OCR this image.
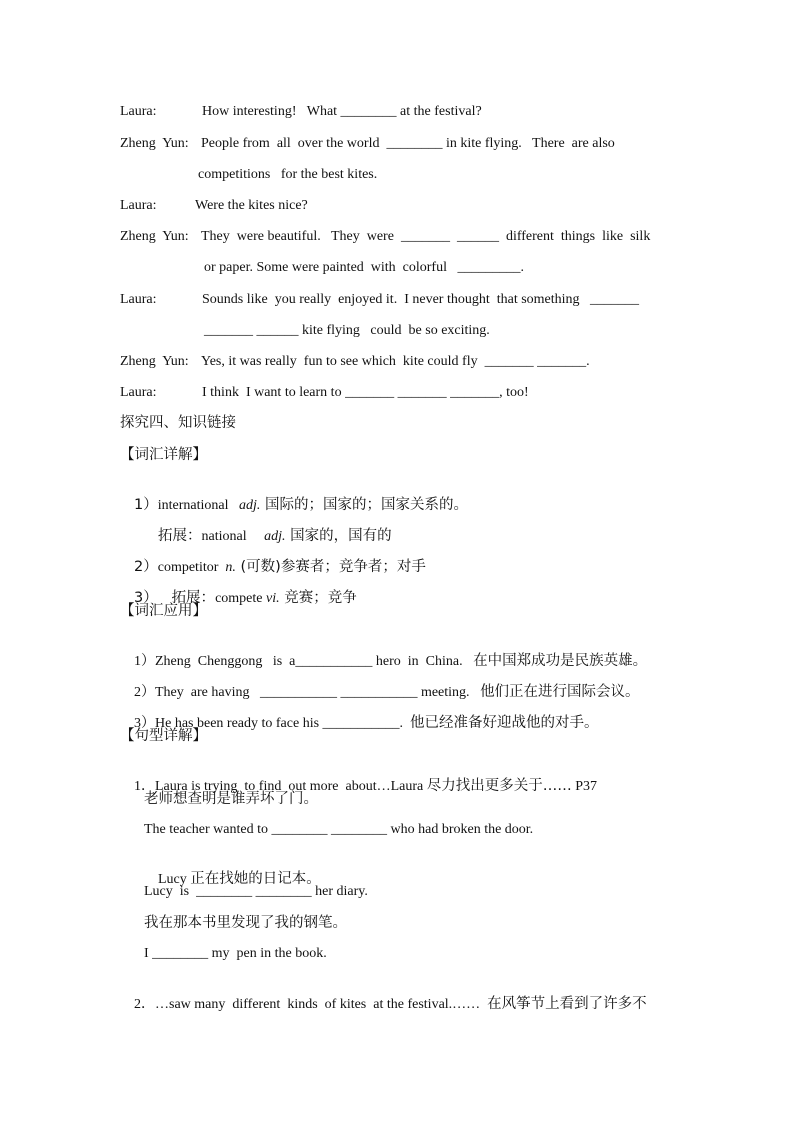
Laura:	How interesting!   What ________ at the festival?
Zheng  Yun: People from  all  over the world  ________ in kite flying.   There  are also
competitions   for the best kites.
Laura:	Were the kites nice?
Zheng  Yun: They  were beautiful.   They  were  _______  ______  different  things  like  silk
or paper. Some were painted  with  colorful   _________.
Laura:	Sounds like  you really  enjoyed it.  I never thought  that something   _______
_______ ______ kite flying   could  be so exciting.
Zheng  Yun: Yes, it was really  fun to see which  kite could fly  _______ _______.
Laura:	I think  I want to learn to _______ _______ _______, too!
探究四、知识链接
【词汇详解】

1）international   adj. 国际的；国家的；国家关系的。

拓展：national     adj. 国家的，国有的

2）competitor  n. (可数)参赛者；竞争者；对手

3）   拓展：compete vi. 竞赛；竞争

【词汇应用】

1）Zheng  Chenggong   is  a___________ hero  in  China.   在中国郑成功是民族英雄。

2）They  are having   ___________ ___________ meeting.   他们正在进行国际会议。

3）He has been ready to face his ___________.  他已经准备好迎战他的对手。

【句型详解】

1．Laura is trying  to find  out more  about…Laura 尽力找出更多关于…… P37

老师想查明是谁弄坏了门。
The teacher wanted to ________ ________ who had broken the door.

Lucy 正在找她的日记本。

Lucy  is  ________ ________ her diary.
我在那本书里发现了我的钢笔。
I ________ my  pen in the book.

2．…saw many  different  kinds  of kites  at the festival.……  在风筝节上看到了许多不
